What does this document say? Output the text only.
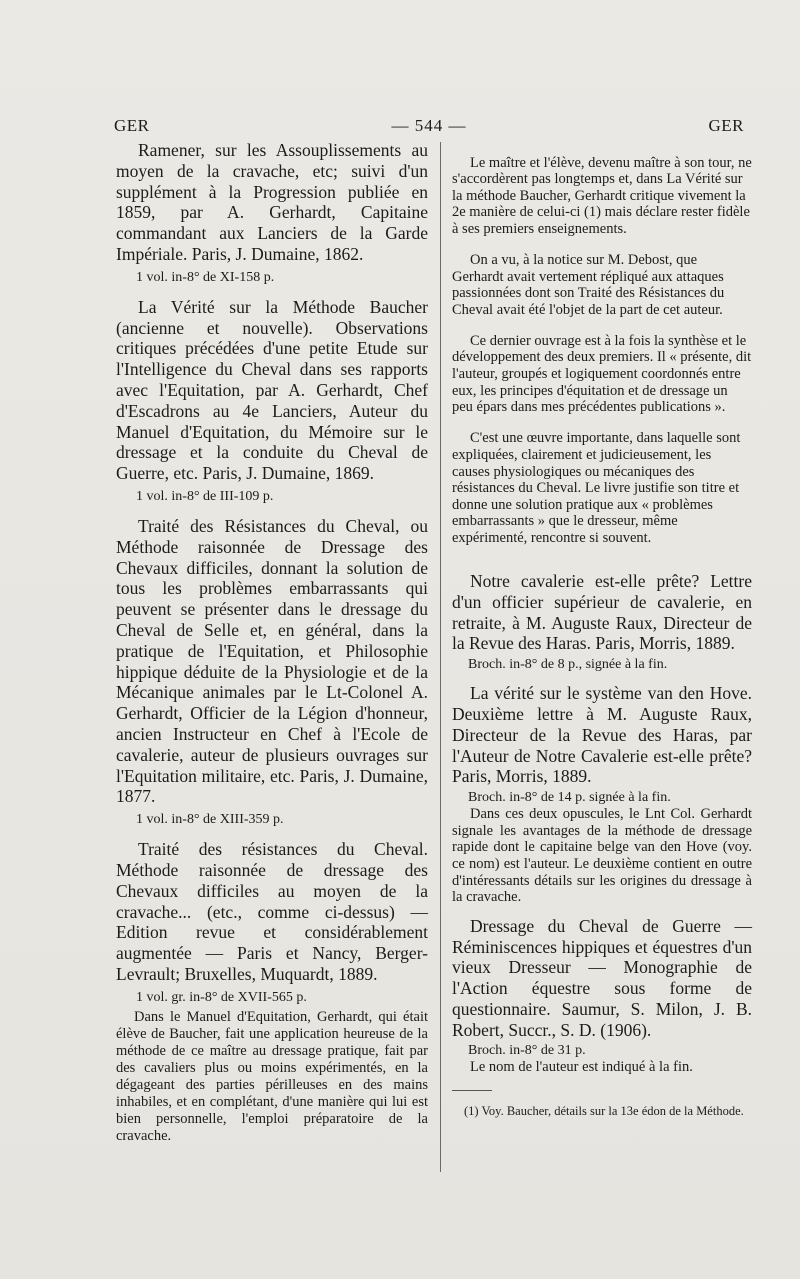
GER	— 544 —	GER

Ramener, sur les Assouplissements au moyen de la cravache, etc; suivi d'un supplément à la Progression publiée en 1859, par A. Gerhardt, Capitaine commandant aux Lanciers de la Garde Impériale. Paris, J. Dumaine, 1862.

1 vol. in-8° de XI-158 p.

La Vérité sur la Méthode Baucher (ancienne et nouvelle). Observations critiques précédées d'une petite Etude sur l'Intelligence du Cheval dans ses rapports avec l'Equitation, par A. Gerhardt, Chef d'Escadrons au 4e Lanciers, Auteur du Manuel d'Equitation, du Mémoire sur le dressage et la conduite du Cheval de Guerre, etc. Paris, J. Dumaine, 1869.

1 vol. in-8° de III-109 p.

Traité des Résistances du Cheval, ou Méthode raisonnée de Dressage des Chevaux difficiles, donnant la solution de tous les problèmes embarrassants qui peuvent se présenter dans le dressage du Cheval de Selle et, en général, dans la pratique de l'Equitation, et Philosophie hippique déduite de la Physiologie et de la Mécanique animales par le Lt-Colonel A. Gerhardt, Officier de la Légion d'honneur, ancien Instructeur en Chef à l'Ecole de cavalerie, auteur de plusieurs ouvrages sur l'Equitation militaire, etc. Paris, J. Dumaine, 1877.

1 vol. in-8° de XIII-359 p.

Traité des résistances du Cheval. Méthode raisonnée de dressage des Chevaux difficiles au moyen de la cravache... (etc., comme ci-dessus) — Edition revue et considérablement augmentée — Paris et Nancy, Berger-Levrault; Bruxelles, Muquardt, 1889.

1 vol. gr. in-8° de XVII-565 p.

Dans le Manuel d'Equitation, Gerhardt, qui était élève de Baucher, fait une application heureuse de la méthode de ce maître au dressage pratique, fait par des cavaliers plus ou moins expérimentés, en la dégageant des parties périlleuses en des mains inhabiles, et en complétant, d'une manière qui lui est bien personnelle, l'emploi préparatoire de la cravache.

Le maître et l'élève, devenu maître à son tour, ne s'accordèrent pas longtemps et, dans La Vérité sur la méthode Baucher, Gerhardt critique vivement la 2e manière de celui-ci (1) mais déclare rester fidèle à ses premiers enseignements.

On a vu, à la notice sur M. Debost, que Gerhardt avait vertement répliqué aux attaques passionnées dont son Traité des Résistances du Cheval avait été l'objet de la part de cet auteur.

Ce dernier ouvrage est à la fois la synthèse et le développement des deux premiers. Il « présente, dit l'auteur, groupés et logiquement coordonnés entre eux, les principes d'équitation et de dressage un peu épars dans mes précédentes publications ».

C'est une œuvre importante, dans laquelle sont expliquées, clairement et judicieusement, les causes physiologiques ou mécaniques des résistances du Cheval. Le livre justifie son titre et donne une solution pratique aux « problèmes embarrassants » que le dresseur, même expérimenté, rencontre si souvent.

Notre cavalerie est-elle prête? Lettre d'un officier supérieur de cavalerie, en retraite, à M. Auguste Raux, Directeur de la Revue des Haras. Paris, Morris, 1889.

Broch. in-8° de 8 p., signée à la fin.

La vérité sur le système van den Hove. Deuxième lettre à M. Auguste Raux, Directeur de la Revue des Haras, par l'Auteur de Notre Cavalerie est-elle prête? Paris, Morris, 1889.

Broch. in-8° de 14 p. signée à la fin.

Dans ces deux opuscules, le Lnt Col. Gerhardt signale les avantages de la méthode de dressage rapide dont le capitaine belge van den Hove (voy. ce nom) est l'auteur. Le deuxième contient en outre d'intéressants détails sur les origines du dressage à la cravache.

Dressage du Cheval de Guerre — Réminiscences hippiques et équestres d'un vieux Dresseur — Monographie de l'Action équestre sous forme de questionnaire. Saumur, S. Milon, J. B. Robert, Succr., S. D. (1906).

Broch. in-8° de 31 p.

Le nom de l'auteur est indiqué à la fin.

(1) Voy. Baucher, détails sur la 13e édon de la Méthode.
